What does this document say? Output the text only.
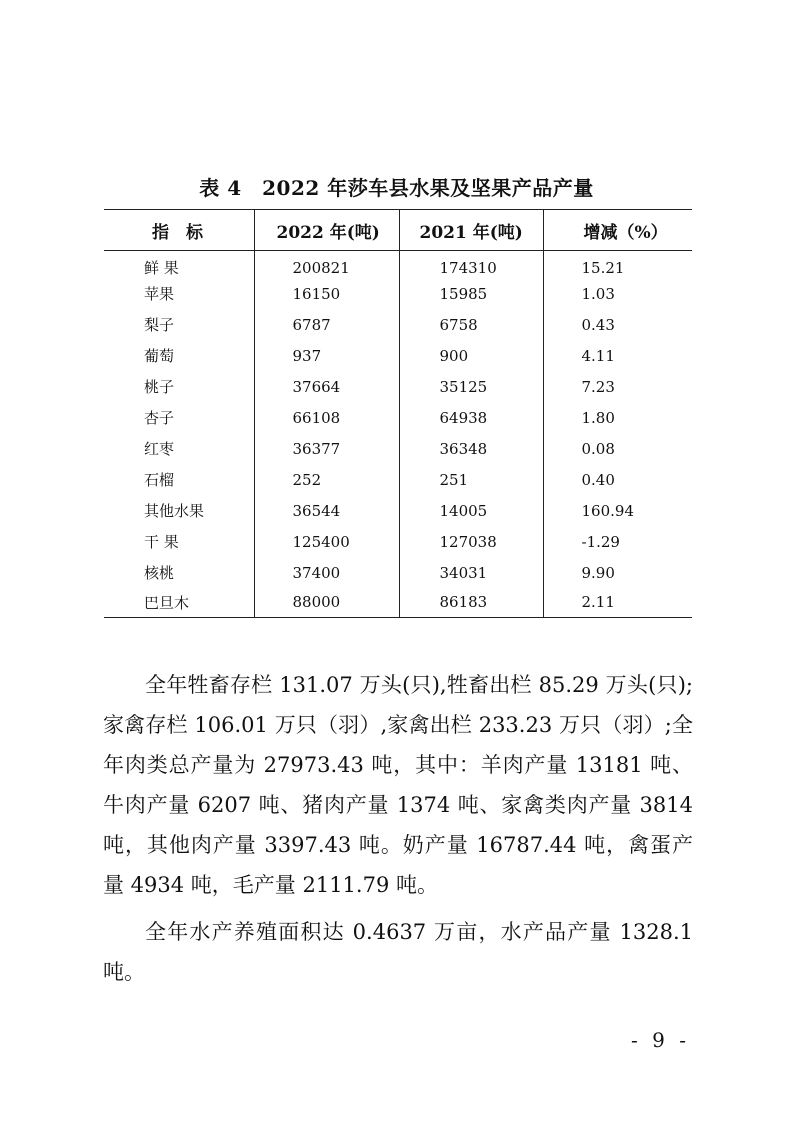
表 4　2022 年莎车县水果及坚果产品产量
指　标	2022 年(吨)	2021 年(吨)	增减（%）
鲜 果	200821	174310	15.21
苹果	16150	15985	1.03
梨子	6787	6758	0.43
葡萄	937	900	4.11
桃子	37664	35125	7.23
杏子	66108	64938	1.80
红枣	36377	36348	0.08
石榴	252	251	0.40
其他水果	36544	14005	160.94
干 果	125400	127038	-1.29
核桃	37400	34031	9.90
巴旦木	88000	86183	2.11

全年牲畜存栏 131.07 万头(只),牲畜出栏 85.29 万头(只);家禽存栏 106.01 万只（羽）,家禽出栏 233.23 万只（羽）;全年肉类总产量为 27973.43 吨，其中：羊肉产量 13181 吨、牛肉产量 6207 吨、猪肉产量 1374 吨、家禽类肉产量 3814 吨，其他肉产量 3397.43 吨。奶产量 16787.44 吨，禽蛋产量 4934 吨，毛产量 2111.79 吨。

全年水产养殖面积达 0.4637 万亩，水产品产量 1328.1 吨。

- 9 -
